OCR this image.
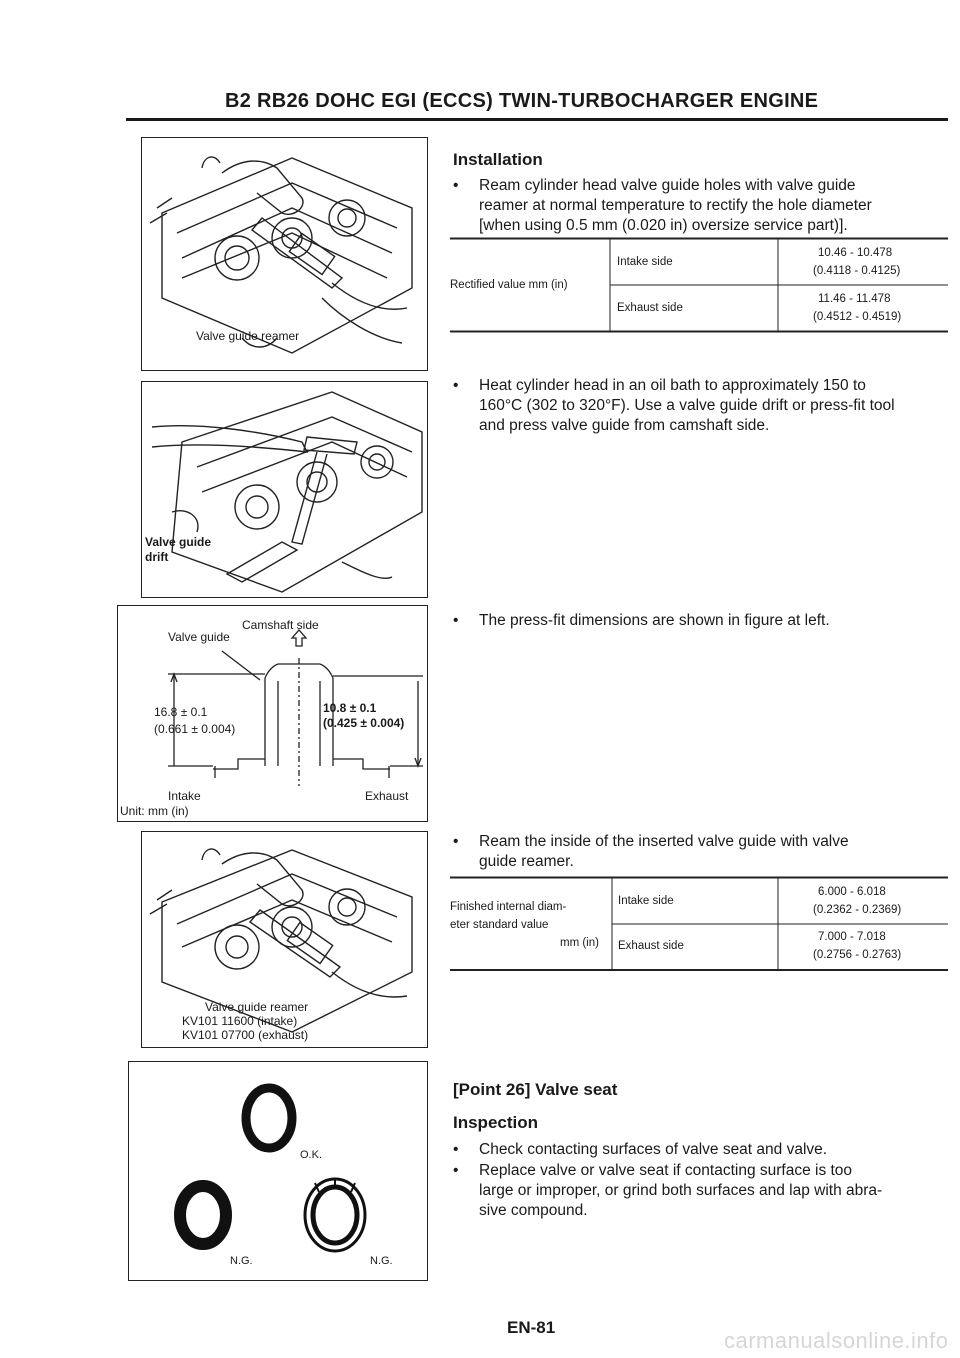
B2 RB26 DOHC EGI (ECCS) TWIN-TURBOCHARGER ENGINE
Valve guide reamer
Valve guide
drift
Camshaft side
Valve guide
16.8 ± 0.1
(0.661 ± 0.004)
10.8 ± 0.1
(0.425 ± 0.004)
Intake	Exhaust
Unit: mm (in)
Valve guide reamer
KV101 11600 (intake)
KV101 07700 (exhaust)
O.K.
N.G.	N.G.
Installation
• Ream cylinder head valve guide holes with valve guide
reamer at normal temperature to rectify the hole diameter
[when using 0.5 mm (0.020 in) oversize service part)].
Rectified value mm (in)
Intake side
10.46 - 10.478
(0.4118 - 0.4125)
Exhaust side
11.46 - 11.478
(0.4512 - 0.4519)
• Heat cylinder head in an oil bath to approximately 150 to
160°C (302 to 320°F). Use a valve guide drift or press-fit tool
and press valve guide from camshaft side.
• The press-fit dimensions are shown in figure at left.
• Ream the inside of the inserted valve guide with valve
guide reamer.
Finished internal diam-
eter standard value
mm (in)
Intake side
6.000 - 6.018
(0.2362 - 0.2369)
Exhaust side
7.000 - 7.018
(0.2756 - 0.2763)
[Point 26] Valve seat
Inspection
• Check contacting surfaces of valve seat and valve.
• Replace valve or valve seat if contacting surface is too
large or improper, or grind both surfaces and lap with abra-
sive compound.
EN-81
carmanualsonline.info
